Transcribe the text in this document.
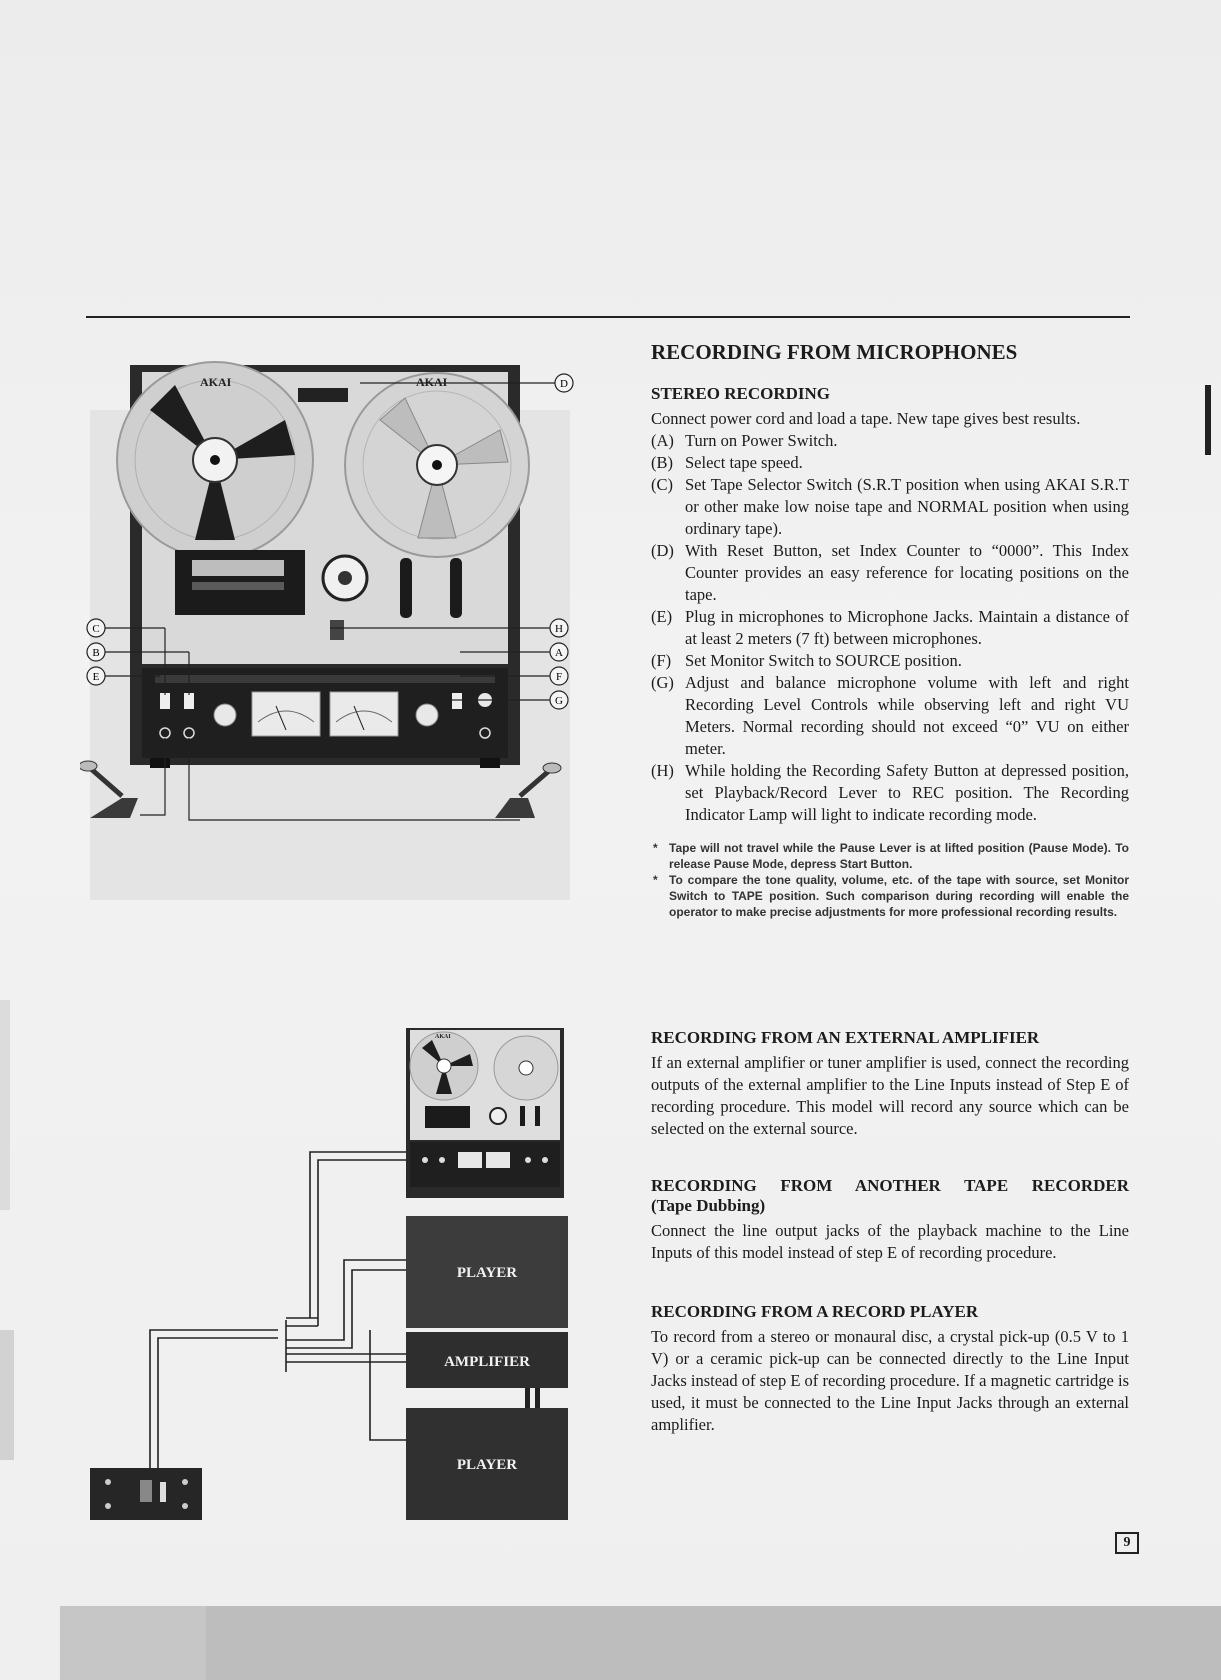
AKAI	AKAI
C
B
E
D
H
A
F
G
AKAI
PLAYER
AMPLIFIER
PLAYER
RECORDING FROM MICROPHONES
STEREO RECORDING

Connect power cord and load a tape. New tape gives best results.

(A) Turn on Power Switch.
(B) Select tape speed.
(C) Set Tape Selector Switch (S.R.T position when using AKAI S.R.T or other make low noise tape and NORMAL position when using ordinary tape).
(D) With Reset Button, set Index Counter to “0000”. This Index Counter provides an easy reference for locating positions on the tape.
(E) Plug in microphones to Microphone Jacks. Maintain a distance of at least 2 meters (7 ft) between microphones.
(F) Set Monitor Switch to SOURCE position.
(G) Adjust and balance microphone volume with left and right Recording Level Controls while observing left and right VU Meters. Normal recording should not exceed “0” VU on either meter.
(H) While holding the Recording Safety Button at depressed position, set Playback/Record Lever to REC position. The Recording Indicator Lamp will light to indicate recording mode.
* Tape will not travel while the Pause Lever is at lifted position (Pause Mode). To release Pause Mode, depress Start Button.
* To compare the tone quality, volume, etc. of the tape with source, set Monitor Switch to TAPE position. Such comparison during recording will enable the operator to make precise adjustments for more professional recording results.
RECORDING FROM AN EXTERNAL AMPLIFIER

If an external amplifier or tuner amplifier is used, connect the recording outputs of the external amplifier to the Line Inputs instead of Step E of recording procedure. This model will record any source which can be selected on the external source.

RECORDING FROM ANOTHER TAPE RECORDER
(Tape Dubbing)

Connect the line output jacks of the playback machine to the Line Inputs of this model instead of step E of recording procedure.

RECORDING FROM A RECORD PLAYER

To record from a stereo or monaural disc, a crystal pick-up (0.5 V to 1 V) or a ceramic pick-up can be connected directly to the Line Input Jacks instead of step E of recording procedure. If a magnetic cartridge is used, it must be connected to the Line Input Jacks through an external amplifier.

9
